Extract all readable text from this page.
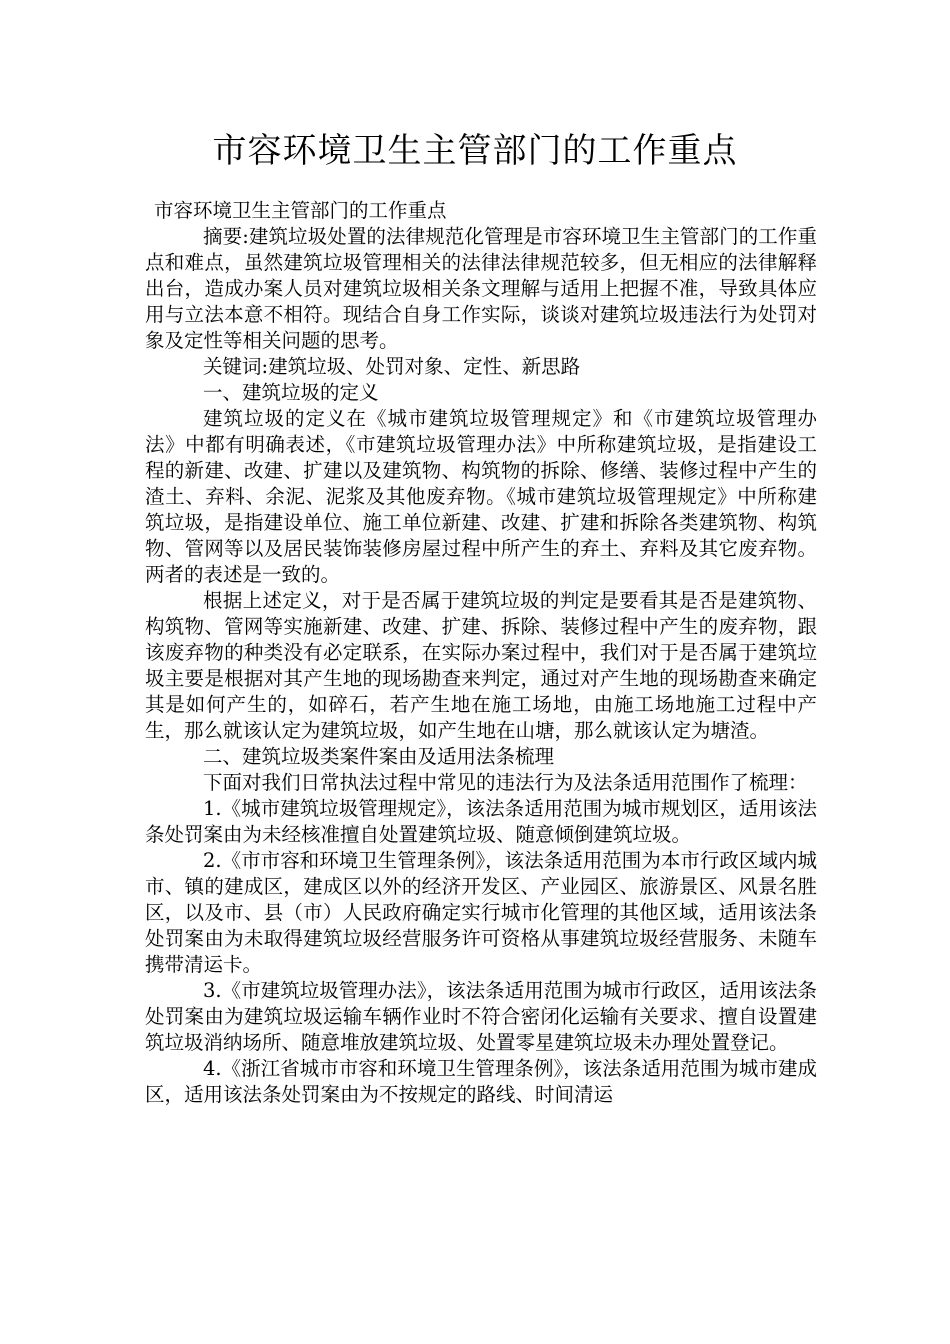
市容环境卫生主管部门的工作重点

市容环境卫生主管部门的工作重点

摘要:建筑垃圾处置的法律规范化管理是市容环境卫生主管部门的工作重点和难点，虽然建筑垃圾管理相关的法律法律规范较多，但无相应的法律解释出台，造成办案人员对建筑垃圾相关条文理解与适用上把握不准，导致具体应用与立法本意不相符。现结合自身工作实际，谈谈对建筑垃圾违法行为处罚对象及定性等相关问题的思考。

关键词:建筑垃圾、处罚对象、定性、新思路

一、建筑垃圾的定义

建筑垃圾的定义在《城市建筑垃圾管理规定》和《市建筑垃圾管理办法》中都有明确表述，《市建筑垃圾管理办法》中所称建筑垃圾，是指建设工程的新建、改建、扩建以及建筑物、构筑物的拆除、修缮、装修过程中产生的渣土、弃料、余泥、泥浆及其他废弃物。《城市建筑垃圾管理规定》中所称建筑垃圾，是指建设单位、施工单位新建、改建、扩建和拆除各类建筑物、构筑物、管网等以及居民装饰装修房屋过程中所产生的弃土、弃料及其它废弃物。两者的表述是一致的。

根据上述定义，对于是否属于建筑垃圾的判定是要看其是否是建筑物、构筑物、管网等实施新建、改建、扩建、拆除、装修过程中产生的废弃物，跟该废弃物的种类没有必定联系，在实际办案过程中，我们对于是否属于建筑垃圾主要是根据对其产生地的现场勘查来判定，通过对产生地的现场勘查来确定其是如何产生的，如碎石，若产生地在施工场地，由施工场地施工过程中产生，那么就该认定为建筑垃圾，如产生地在山塘，那么就该认定为塘渣。

二、建筑垃圾类案件案由及适用法条梳理

下面对我们日常执法过程中常见的违法行为及法条适用范围作了梳理：

1.《城市建筑垃圾管理规定》，该法条适用范围为城市规划区，适用该法条处罚案由为未经核准擅自处置建筑垃圾、随意倾倒建筑垃圾。

2.《市市容和环境卫生管理条例》，该法条适用范围为本市行政区域内城市、镇的建成区，建成区以外的经济开发区、产业园区、旅游景区、风景名胜区，以及市、县（市）人民政府确定实行城市化管理的其他区域，适用该法条处罚案由为未取得建筑垃圾经营服务许可资格从事建筑垃圾经营服务、未随车携带清运卡。

3.《市建筑垃圾管理办法》，该法条适用范围为城市行政区，适用该法条处罚案由为建筑垃圾运输车辆作业时不符合密闭化运输有关要求、擅自设置建筑垃圾消纳场所、随意堆放建筑垃圾、处置零星建筑垃圾未办理处置登记。

4.《浙江省城市市容和环境卫生管理条例》，该法条适用范围为城市建成区，适用该法条处罚案由为不按规定的路线、时间清运
